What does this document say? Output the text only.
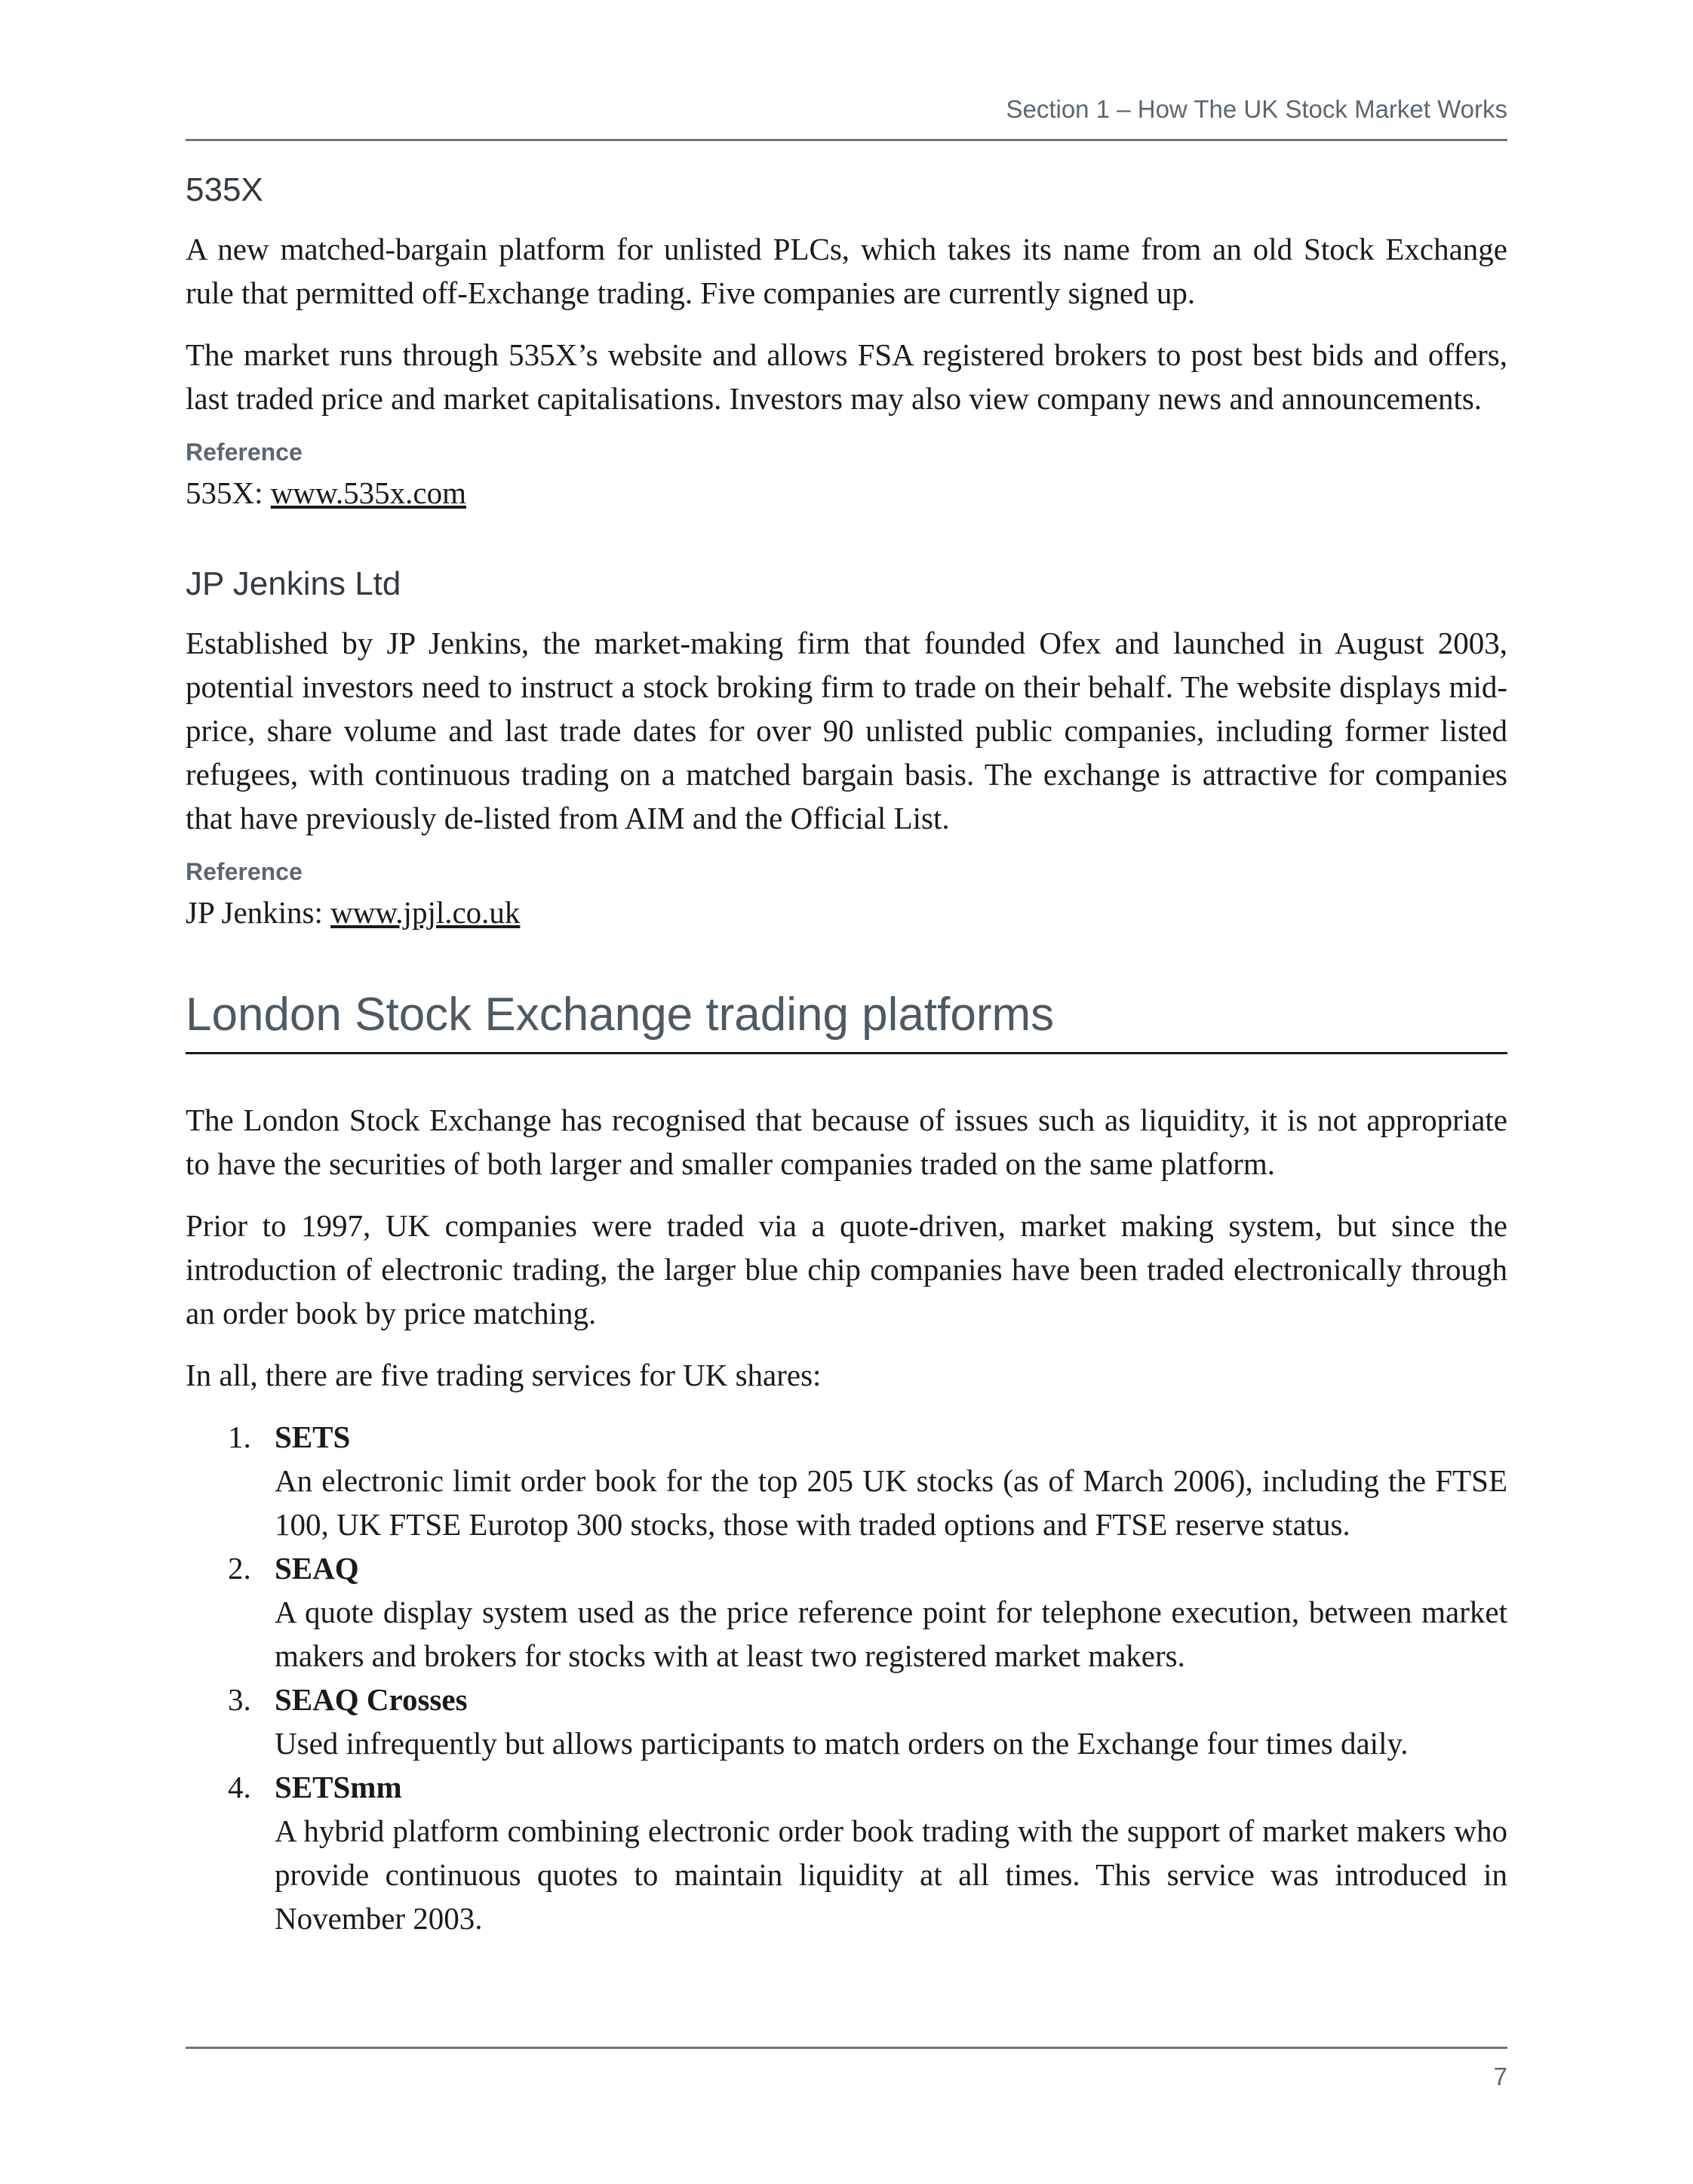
Section 1 – How The UK Stock Market Works

535X

A new matched-bargain platform for unlisted PLCs, which takes its name from an old Stock Exchange rule that permitted off-Exchange trading. Five companies are currently signed up.

The market runs through 535X’s website and allows FSA registered brokers to post best bids and offers, last traded price and market capitalisations. Investors may also view company news and announcements.

Reference

535X: www.535x.com

JP Jenkins Ltd

Established by JP Jenkins, the market-making firm that founded Ofex and launched in August 2003, potential investors need to instruct a stock broking firm to trade on their behalf. The website displays mid-price, share volume and last trade dates for over 90 unlisted public companies, including former listed refugees, with continuous trading on a matched bargain basis. The exchange is attractive for companies that have previously de-listed from AIM and the Official List.

Reference

JP Jenkins: www.jpjl.co.uk

London Stock Exchange trading platforms

The London Stock Exchange has recognised that because of issues such as liquidity, it is not appropriate to have the securities of both larger and smaller companies traded on the same platform.

Prior to 1997, UK companies were traded via a quote-driven, market making system, but since the introduction of electronic trading, the larger blue chip companies have been traded electronically through an order book by price matching.

In all, there are five trading services for UK shares:

1. SETS

An electronic limit order book for the top 205 UK stocks (as of March 2006), including the FTSE 100, UK FTSE Eurotop 300 stocks, those with traded options and FTSE reserve status.

2. SEAQ

A quote display system used as the price reference point for telephone execution, between market makers and brokers for stocks with at least two registered market makers.

3. SEAQ Crosses

Used infrequently but allows participants to match orders on the Exchange four times daily.

4. SETSmm

A hybrid platform combining electronic order book trading with the support of market makers who provide continuous quotes to maintain liquidity at all times. This service was introduced in November 2003.

7
